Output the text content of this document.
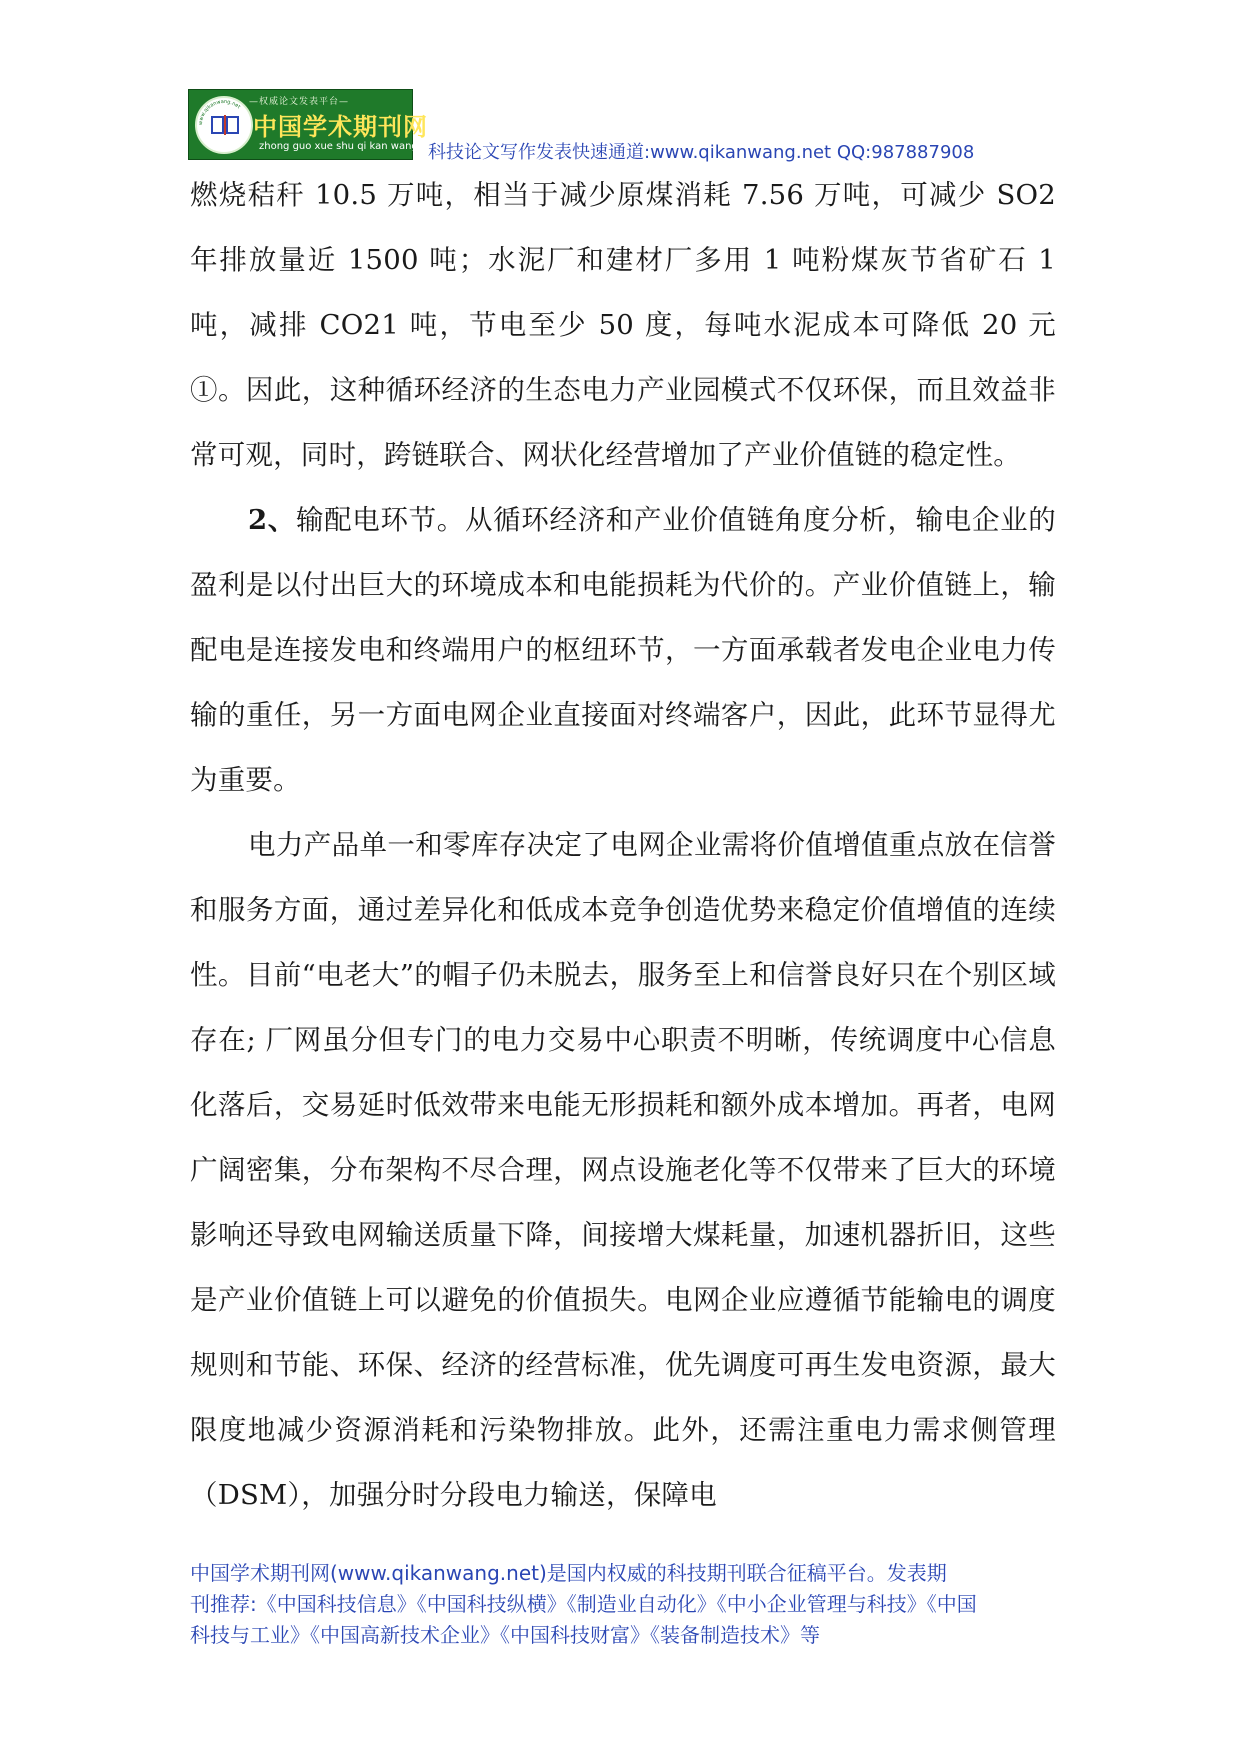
www.qikanwang.net
—权威论文发表平台—
中国学术期刊网
zhong guo xue shu qi kan wang 科技论文写作发表快速通道:www.qikanwang.net QQ:987887908

燃烧秸秆 10.5 万吨，相当于减少原煤消耗 7.56 万吨，可减少 SO2 年排放量近 1500 吨；水泥厂和建材厂多用 1 吨粉煤灰节省矿石 1 吨，减排 CO21 吨，节电至少 50 度，每吨水泥成本可降低 20 元①。因此，这种循环经济的生态电力产业园模式不仅环保，而且效益非常可观，同时，跨链联合、网状化经营增加了产业价值链的稳定性。

2、输配电环节。从循环经济和产业价值链角度分析，输电企业的盈利是以付出巨大的环境成本和电能损耗为代价的。产业价值链上，输配电是连接发电和终端用户的枢纽环节，一方面承载者发电企业电力传输的重任，另一方面电网企业直接面对终端客户，因此，此环节显得尤为重要。

电力产品单一和零库存决定了电网企业需将价值增值重点放在信誉和服务方面，通过差异化和低成本竞争创造优势来稳定价值增值的连续性。目前“电老大”的帽子仍未脱去，服务至上和信誉良好只在个别区域存在; 厂网虽分但专门的电力交易中心职责不明晰，传统调度中心信息化落后，交易延时低效带来电能无形损耗和额外成本增加。再者，电网广阔密集，分布架构不尽合理，网点设施老化等不仅带来了巨大的环境影响还导致电网输送质量下降，间接增大煤耗量，加速机器折旧，这些是产业价值链上可以避免的价值损失。电网企业应遵循节能输电的调度规则和节能、环保、经济的经营标准，优先调度可再生发电资源，最大限度地减少资源消耗和污染物排放。此外，还需注重电力需求侧管理（DSM），加强分时分段电力输送，保障电

中国学术期刊网(www.qikanwang.net)是国内权威的科技期刊联合征稿平台。发表期

刊推荐:《中国科技信息》《中国科技纵横》《制造业自动化》《中小企业管理与科技》《中国

科技与工业》《中国高新技术企业》《中国科技财富》《装备制造技术》等
